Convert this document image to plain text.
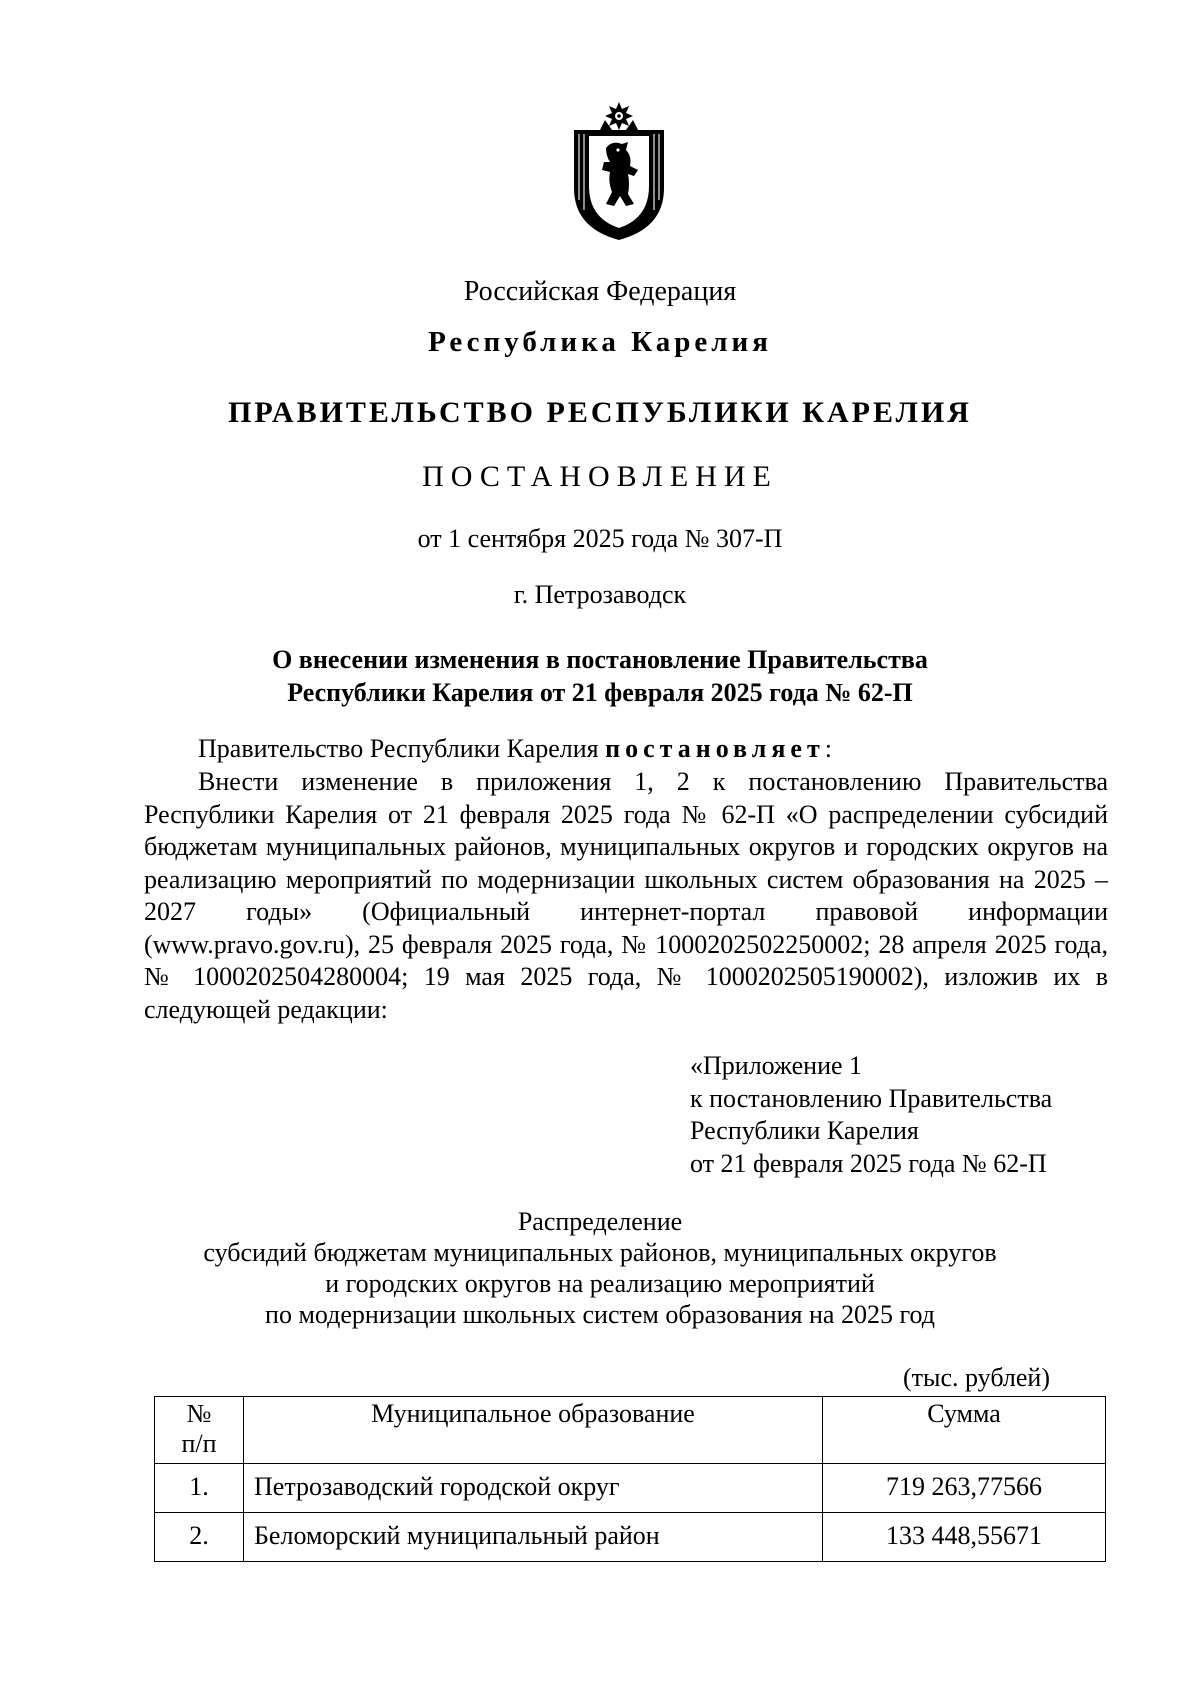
Российская Федерация
Республика Карелия
ПРАВИТЕЛЬСТВО РЕСПУБЛИКИ КАРЕЛИЯ
ПОСТАНОВЛЕНИЕ
от 1 сентября 2025 года № 307-П
г. Петрозаводск
О внесении изменения в постановление Правительства
Республики Карелия от 21 февраля 2025 года № 62-П
Правительство Республики Карелия постановляет:
Внести изменение в приложения 1, 2 к постановлению Правительства Республики Карелия от 21 февраля 2025 года № 62-П «О распределении субсидий бюджетам муниципальных районов, муниципальных округов и городских округов на реализацию мероприятий по модернизации школьных систем образования на 2025 – 2027 годы» (Официальный интернет-портал правовой информации (www.pravo.gov.ru), 25 февраля 2025 года, № 1000202502250002; 28 апреля 2025 года, № 1000202504280004; 19 мая 2025 года, № 1000202505190002), изложив их в следующей редакции:
«Приложение 1
к постановлению Правительства
Республики Карелия
от 21 февраля 2025 года № 62-П
Распределение
субсидий бюджетам муниципальных районов, муниципальных округов
и городских округов на реализацию мероприятий
по модернизации школьных систем образования на 2025 год
(тыс. рублей)
№
п/п	Муниципальное образование	Сумма
1.	Петрозаводский городской округ	719 263,77566
2.	Беломорский муниципальный район	133 448,55671
